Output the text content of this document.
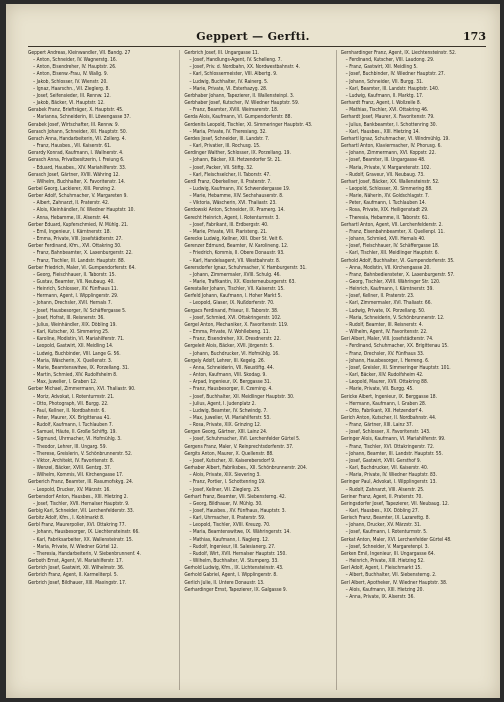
Geppert — Gerfti.	173
Geppert Andreas, Kleinwandler, VII. Bandg. 27
– Anton, Schneider, IV. Wagnerstg. 16.
– Anton, Eisendreher, IV. Hauptstr. 26.
– Anton, Eisenw.-Frau, IV. Wallg. 9.
– Jakob, Schlosser, IV. Wienstr. 20.
– Ignaz, Haarschn., VII. Zieglerg. 8.
– Josef, Seifensieder, III. Rennw. 12.
– Jakob, Bäcker, VI. Hauptstr. 12.
Gerabek Franz, Briefträger, X. Hauptstr. 45.
– Marianna, Schneiderin, III. Löwengasse 37.
Gerabek Josef, Wirtschafter, III. Rennw. 9.
Gerasch Johann, Schneider, XII. Hauptstr. 50.
Gerach Anna, Handarbeiterin, VII. Zollerg. 4.
– Franz, Hausbes., VII. Kaiserstr. 61.
Gerardy Konrad, Kaufmann, I. Wallnerstr. 4.
Gerasch Anna, Privatbesitzerin, I. Freiung 6.
– Eduard, Hausbes., XIV. Mariahilferstr. 33.
Gerasch Josef, Gärtner, XVIII. Währing 12.
– Wilhelm, Buchhalter, X. Favoritenstr. 14.
Gerbel Georg, Lackierer, XIII. Penzing 2.
Gerber Adolf, Schuhmacher, V. Margareten 9.
– Albert, Zahnarzt, II. Praterstr. 42.
– Alois, Kleinhändler, IV. Wiedner Hauptstr. 10.
– Anna, Hebamme, IX. Alserstr. 44.
Gerber Eduard, Kupferschmied, IV. Mühlg. 21.
– Emil, Ingenieur, I. Kärntnerstr. 18.
– Emma, Private, VIII. Josefstädterstr. 27.
Gerber Ferdinand, Kfm., XVI. Ottakring 30.
– Franz, Bahnbeamter, X. Laxenburgerstr. 22.
– Franz, Tischler, III. Landstr. Hauptstr. 88.
Gerber Friedrich, Maler, VI. Gumpendorferstr. 64.
– Georg, Fleischhauer, II. Taborstr. 15.
– Gustav, Beamter, VII. Neubaug. 40.
– Heinrich, Schlosser, XV. Fünfhaus 11.
– Hermann, Agent, I. Wipplingerstr. 29.
– Johann, Drechsler, XVII. Hernals 7.
– Josef, Hausbesorger, IV. Schäffergasse 5.
– Josef, Hofrat, III. Reisnerstr. 36.
– Julius, Weinhändler, XIX. Döbling 19.
– Karl, Kutscher, XI. Simmering 25.
– Karoline, Modistin, VI. Mariahilferstr. 71.
– Leopold, Gastwirt, XII. Meidling 14.
– Ludwig, Buchbinder, VIII. Lange G. 56.
– Maria, Wäscherin, X. Quellenstr. 3.
– Marie, Beamtenswitwe, IX. Porzellang. 31.
– Martin, Schmied, XIV. Rudolfsheim 8.
– Max, Juwelier, I. Graben 12.
Gerber Michael, Zimmermann, XVI. Thaliastr. 90.
– Moriz, Advokat, I. Rotenturmstr. 21.
– Otto, Photograph, VII. Burgg. 22.
– Paul, Kellner, II. Nordbahnstr. 6.
– Peter, Maurer, XX. Brigittenau 41.
– Rudolf, Kaufmann, I. Tuchlauben 7.
– Samuel, Häute, II. Große Schiffg. 19.
– Sigmund, Uhrmacher, VI. Hofmühlg. 3.
– Theodor, Lehrer, III. Ungarg. 59.
– Therese, Greislerin, V. Schönbrunnerstr. 52.
– Viktor, Architekt, IV. Favoritenstr. 8.
– Wenzel, Bäcker, XVIII. Gentzg. 37.
– Wilhelm, Kommis, VII. Kirchengasse 17.
Gerberich Franz, Beamter, III. Rasumofskyg. 24.
– Leopold, Drucker, XV. Märzstr. 16.
Gerbersdorf Anton, Hausbes., XIII. Hietzing 2.
– Josef, Tischler, XVII. Hernalser Hauptstr. 9.
Gerbig Karl, Schneider, VII. Lerchenfelderstr. 33.
Gerbitz Adolf, Kfm., I. Kohlmarkt 8.
Gerbl Franz, Maurerpolier, XVI. Ottakring 77.
– Johann, Hausbesorger, IX. Liechtensteinstr. 66.
– Karl, Fabriksarbeiter, XX. Wallensteinstr. 15.
– Maria, Private, IV. Wiedner Gürtel 12.
– Theresia, Handarbeiterin, V. Siebenbrunnenf. 4.
Gerboth Ernst, Agent, VI. Mariahilferstr. 17.
Gerbrich Josef, Gastwirt, XII. Wilhelmstr. 36.
Gerbrich Franz, Agent, II. Karmeliterpl. 5.
Gerbrich Josef, Bildhauer, XIII. Maxingstr. 17.
Gerbrich Josef, III. Ungargasse 11.
– Josef, Handlungs-Agent, IV. Schelleng. 7.
– Josef, Priv. d. Nordbahn, XX. Nordwestbahnstr. 4.
– Karl, Schlossermeister, VIII. Albertg. 9.
– Ludwig, Buchhalter, IV. Rainerg. 5.
– Marie, Private, VI. Esterhazyg. 28.
Gerbhaber Johann, Tapezierer, II. Wallensteinpl. 3.
Gerbhaber Josef, Kutscher, IV. Wiedner Hauptstr. 59.
– Franz, Beamter, XVIII. Weimarerstr. 18.
Gerda Alois, Kaufmann, VI. Gumpendorferstr. 88.
Gerdenits Leopold, Tischler, XI. Simmeringer Hauptstr. 43.
– Maria, Private, IV. Theresiang. 32.
Gerdes Josef, Schneider, III. Landstr. 7.
– Karl, Privatier, III. Rochusg. 15.
Gerdinger Walther, Schlosser, IX. Porzellang. 19.
– Johann, Bäcker, XII. Hetzendorfer St. 21.
– Josef, Packer, VII. Stiftg. 32.
– Karl, Fleischselcher, II. Taborstr. 47.
Gerdl Franz, Oberkellner, II. Praterstr. 7.
– Ludwig, Kaufmann, XV. Schwendergasse 19.
– Marie, Hebamme, XIV. Sechshauserstr. 8.
– Viktoria, Wäscherin, XVI. Thaliastr. 23.
Gerdowski Anton, Schneider, IX. Pramerg. 14.
Gerecht Heinrich, Agent, I. Rotenturmstr. 3.
– Josef, Fabrikant, III. Erdbergstr. 40.
– Marie, Private, VIII. Piaristeng. 21.
Gerecke Ludwig, Kellner, XIII. Ober St. Veit 6.
Gerenzer Edmund, Beamter, IV. Karolineng. 12.
– Friedrich, Kommis, II. Obere Donaustr. 93.
– Karl, Handelsagent, VII. Westbahnstr. 8.
Gerersdorfer Ignaz, Schuhmacher, V. Hamburgerstr. 31.
– Johann, Zimmermaler, XVIII. Schulg. 46.
– Marie, Trafikantin, XX. Klosterneuburgerstr. 63.
Gerestaller Johann, Tischler, VII. Kaiserstr. 15.
Gerfeld Johann, Kaufmann, I. Hoher Markt 5.
– Leopold, Glaser, IX. Nußdorferstr. 70.
Gergacs Ferdinand, Friseur, II. Taborstr. 38.
– Josef, Schmied, XVI. Ottakringerstr. 102.
Gergel Anton, Mechaniker, X. Favoritenstr. 119.
– Emma, Private, IV. Wohllebeng. 11.
– Franz, Eisendreher, XX. Dresdnerstr. 22.
Gergeleit Alois, Bäcker, XVII. Jörgerstr. 5.
– Johann, Buchdrucker, VI. Hofmühlg. 16.
Gergely Adolf, Lehrer, III. Kegelg. 26.
– Anna, Schneiderin, VII. Neustiftg. 44.
– Anton, Kaufmann, VIII. Skodag. 9.
– Arpad, Ingenieur, IX. Berggasse 31.
– Franz, Hausbesorger, II. Czerning. 4.
– Josef, Buchhalter, XII. Meidlinger Hauptstr. 30.
– Julius, Agent, I. Judenplatz 2.
– Ludwig, Beamter, IV. Schwindg. 7.
– Max, Juwelier, VI. Mariahilferstr. 53.
– Rosa, Private, XIX. Grinzing 12.
Gergen Georg, Gärtner, XIII. Lainz 24.
– Josef, Schuhmacher, XVI. Lerchenfelder Gürtel 5.
Gergens Franz, Maler, V. Reinprechtsdorferstr. 37.
Gergits Anton, Maurer, X. Quellenstr. 88.
– Josef, Kutscher, XI. Kaiserebersdorf 9.
Gerhaber Albert, Fabriksbes., XII. Schönbrunnerstr. 204.
– Alois, Private, XIX. Sievering 3.
– Franz, Portier, I. Schottenring 19.
– Josef, Kellner, VII. Zieglerg. 25.
Gerhart Franz, Beamter, VII. Siebensterng. 42.
– Georg, Bildhauer, IV. Mühlg. 30.
– Josef, Hausbes., XV. Fünfhaus, Hauptstr. 3.
– Karl, Uhrmacher, II. Praterstr. 59.
– Leopold, Tischler, XVIII. Kreuzg. 70.
– Maria, Beamtenswitwe, IX. Währingerstr. 14.
– Mathias, Kaufmann, I. Naglerg. 12.
– Rudolf, Ingenieur, III. Salesianerg. 27.
– Rudolf, Wirt, XVII. Hernalser Hauptstr. 150.
– Wilhelm, Buchhalter, VI. Stumperg. 33.
Gerhold Ludwig, Kfm., IX. Lichtensteinstr. 43.
Gerhold Gabriel, Agent, I. Wipplingerstr. 8.
Gerlich Julie, II. Untere Donaustr. 13.
Gerhardinger Ernst, Tapezierer, IX. Galgasse 9.
Gernhardinger Franz, Agent, IX. Liechtensteinstr. 52.
– Ferdinand, Kutscher, VIII. Laudong. 29.
– Franz, Gastwirt, XII. Meidling 5.
– Josef, Buchbinder, IV. Wiedner Hauptstr. 27.
– Johann, Schneider, VII. Burgg. 31.
– Karl, Beamter, III. Landstr. Hauptstr. 140.
– Ludwig, Kaufmann, II. Marktg. 17.
Gerhardt Franz, Agent, I. Wollzeile 8.
– Mathias, Tischler, XVI. Ottakring 46.
Gerhardt Josef, Maurer, X. Favoritenstr. 79.
– Julius, Bankbeamter, I. Schottenring 30.
– Karl, Hausbes., XIII. Hietzing 14.
Gerhartl Ignaz, Schuhmacher, VI. Windmühlg. 19.
Gerhartl Anton, Klaviermacher, IV. Phorusg. 6.
– Johann, Zimmermann, XVI. Koppstr. 22.
– Josef, Beamter, III. Ungargasse 48.
– Maria, Private, V. Margaretenstr. 102.
– Rudolf, Graveur, VII. Neubaug. 73.
Gerhart Josef, Bäcker, XX. Wallensteinstr. 52.
– Leopold, Schlosser, XI. Simmering 88.
– Marie, Näherin, XV. Goldschlagstr. 7.
– Peter, Kaufmann, I. Tuchlauben 14.
– Rosa, Private, XIX. Heiligenstadt 29.
– Theresia, Hebamme, II. Taborstr. 61.
Gerhartl Anton, Agent, VII. Lerchenfelderstr. 2.
– Franz, Eisenbahnbeamter, X. Quellenpl. 11.
– Johann, Schmied, XVII. Hernals 40.
– Josef, Fleischhauer, IV. Schäffergasse 18.
– Karl, Tischler, XII. Meidlinger Hauptstr. 6.
Gerhold Adolf, Buchhalter, VI. Gumpendorferstr. 35.
– Anna, Modistin, VII. Kirchengasse 20.
– Franz, Bahnbediensteter, X. Laxenburgerstr. 57.
– Georg, Tischler, XVIII. Währinger Str. 120.
– Heinrich, Kaufmann, I. Kärntnerstr. 39.
– Josef, Kellner, II. Praterstr. 23.
– Karl, Zimmermaler, XVI. Thaliastr. 66.
– Ludwig, Private, IX. Porzellang. 50.
– Maria, Schneiderin, V. Schönbrunnerstr. 12.
– Rudolf, Beamter, III. Reisnerstr. 4.
– Wilhelm, Agent, IV. Favoritenstr. 22.
Geri Albert, Maler, VIII. Josefstädterstr. 74.
– Ferdinand, Schuhmacher, XX. Brigittenau 15.
– Franz, Drechsler, XV. Fünfhaus 33.
– Johann, Hausbesorger, I. Herreng. 6.
– Josef, Greisler, XI. Simmeringer Hauptstr. 101.
– Karl, Bäcker, XIV. Rudolfsheim 42.
– Leopold, Maurer, XVII. Ottakring 88.
– Marie, Private, VII. Burgg. 45.
Gericke Albert, Ingenieur, IX. Berggasse 18.
– Hermann, Kaufmann, I. Graben 28.
– Otto, Fabrikant, XII. Hetzendorf 4.
Gerich Anton, Kutscher, II. Nordbahnstr. 44.
– Franz, Gärtner, XIII. Lainz 37.
– Josef, Schlosser, X. Favoritenstr. 143.
Geringer Alois, Kaufmann, VI. Mariahilferstr. 99.
– Franz, Tischler, XVI. Ottakringerstr. 72.
– Johann, Beamter, III. Landstr. Hauptstr. 55.
– Josef, Gastwirt, XVIII. Gersthof 9.
– Karl, Buchdrucker, VII. Kaiserstr. 40.
– Maria, Private, IV. Wiedner Hauptstr. 83.
Geringer Paul, Advokat, I. Wipplingerstr. 13.
– Rudolf, Zahnarzt, VIII. Alserstr. 25.
Geriner Franz, Agent, II. Praterstr. 70.
Geringsdorfer Josef, Tapezierer, VII. Neubaug. 12.
– Karl, Hausbes., XIX. Döbling 27.
Gerisch Franz, Beamter, IX. Lazarettg. 8.
– Johann, Drucker, XV. Märzstr. 31.
– Josef, Kaufmann, I. Rotenturmstr. 5.
Gerkat Anton, Maler, XVI. Lerchenfelder Gürtel 48.
– Josef, Schneider, V. Margaretenpl. 3.
Gerken Emil, Ingenieur, III. Ungargasse 64.
– Heinrich, Private, XIII. Hietzing 52.
Gerl Adolf, Agent, I. Fleischmarkt 15.
– Albert, Buchhalter, VII. Siebensterng. 2.
Gerl Albert, Apotheker, IV. Wiedner Hauptstr. 38.
– Alois, Kaufmann, XIII. Hietzing 20.
– Anna, Private, IX. Alserstr. 36.
